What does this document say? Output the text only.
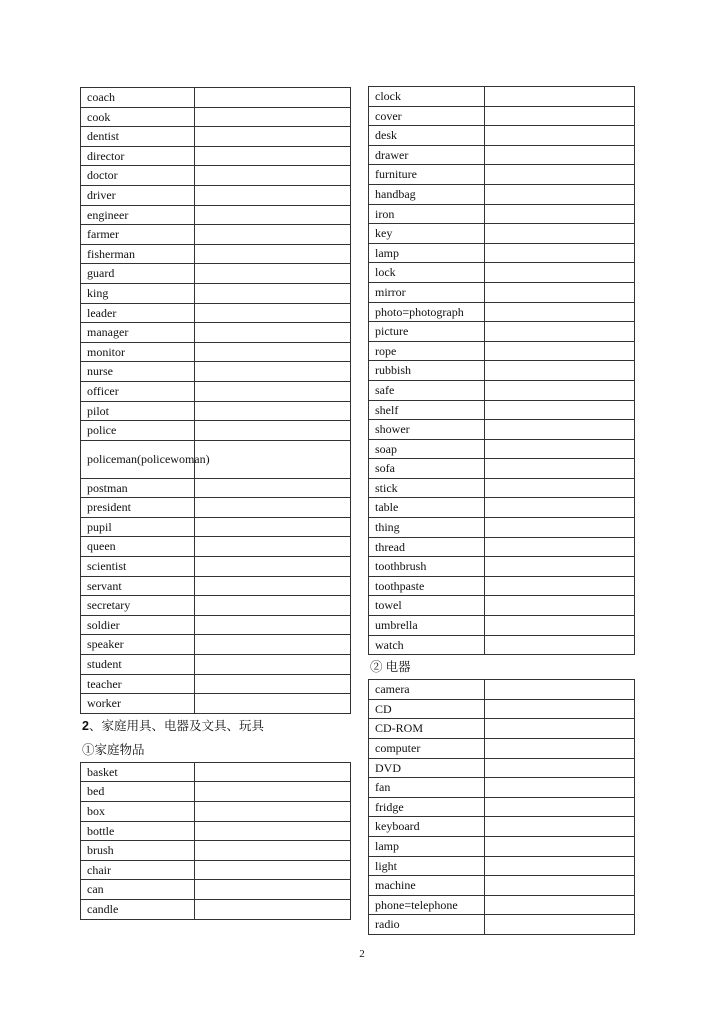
coach	
cook	
dentist	
director	
doctor	
driver	
engineer	
farmer	
fisherman	
guard	
king	
leader	
manager	
monitor	
nurse	
officer	
pilot	
police	
policeman(policewoman)	
postman	
president	
pupil	
queen	
scientist	
servant	
secretary	
soldier	
speaker	
student	
teacher	
worker	
2、家庭用具、电器及文具、玩具
①家庭物品
basket	
bed	
box	
bottle	
brush	
chair	
can	
candle	
clock	
cover	
desk	
drawer	
furniture	
handbag	
iron	
key	
lamp	
lock	
mirror	
photo=photograph	
picture	
rope	
rubbish	
safe	
shelf	
shower	
soap	
sofa	
stick	
table	
thing	
thread	
toothbrush	
toothpaste	
towel	
umbrella	
watch	
② 电器
camera	
CD	
CD-ROM	
computer	
DVD	
fan	
fridge	
keyboard	
lamp	
light	
machine	
phone=telephone	
radio	
2
